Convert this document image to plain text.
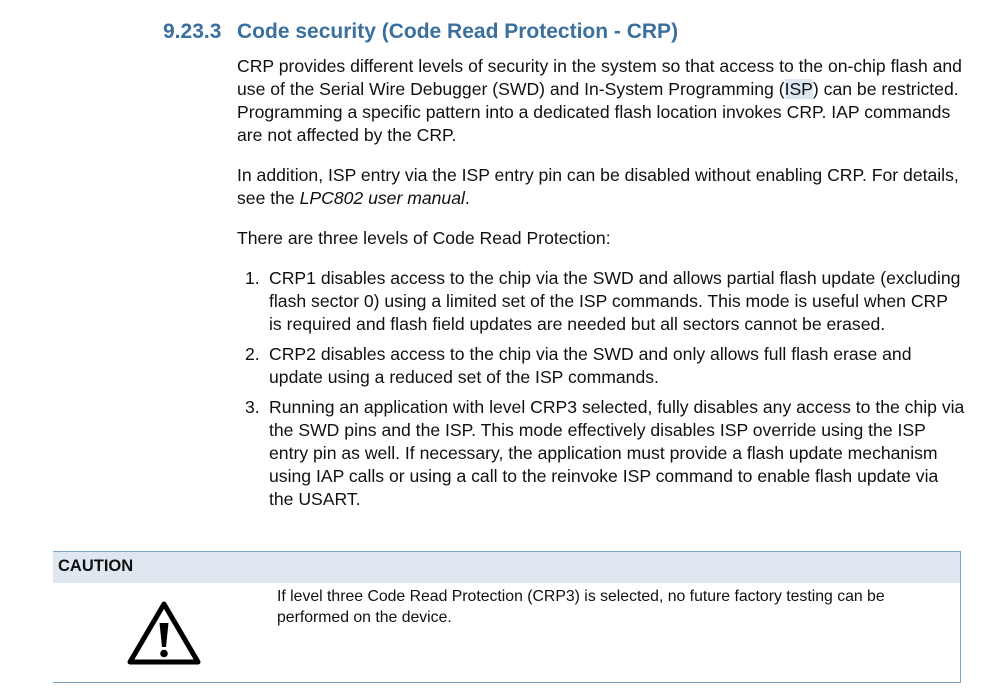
9.23.3 Code security (Code Read Protection - CRP)

CRP provides different levels of security in the system so that access to the on-chip flash and use of the Serial Wire Debugger (SWD) and In-System Programming (ISP) can be restricted. Programming a specific pattern into a dedicated flash location invokes CRP. IAP commands are not affected by the CRP.

In addition, ISP entry via the ISP entry pin can be disabled without enabling CRP. For details, see the LPC802 user manual.

There are three levels of Code Read Protection:

1. CRP1 disables access to the chip via the SWD and allows partial flash update (excluding flash sector 0) using a limited set of the ISP commands. This mode is useful when CRP is required and flash field updates are needed but all sectors cannot be erased.
2. CRP2 disables access to the chip via the SWD and only allows full flash erase and update using a reduced set of the ISP commands.
3. Running an application with level CRP3 selected, fully disables any access to the chip via the SWD pins and the ISP. This mode effectively disables ISP override using the ISP entry pin as well. If necessary, the application must provide a flash update mechanism using IAP calls or using a call to the reinvoke ISP command to enable flash update via the USART.
CAUTION
If level three Code Read Protection (CRP3) is selected, no future factory testing can be performed on the device.
